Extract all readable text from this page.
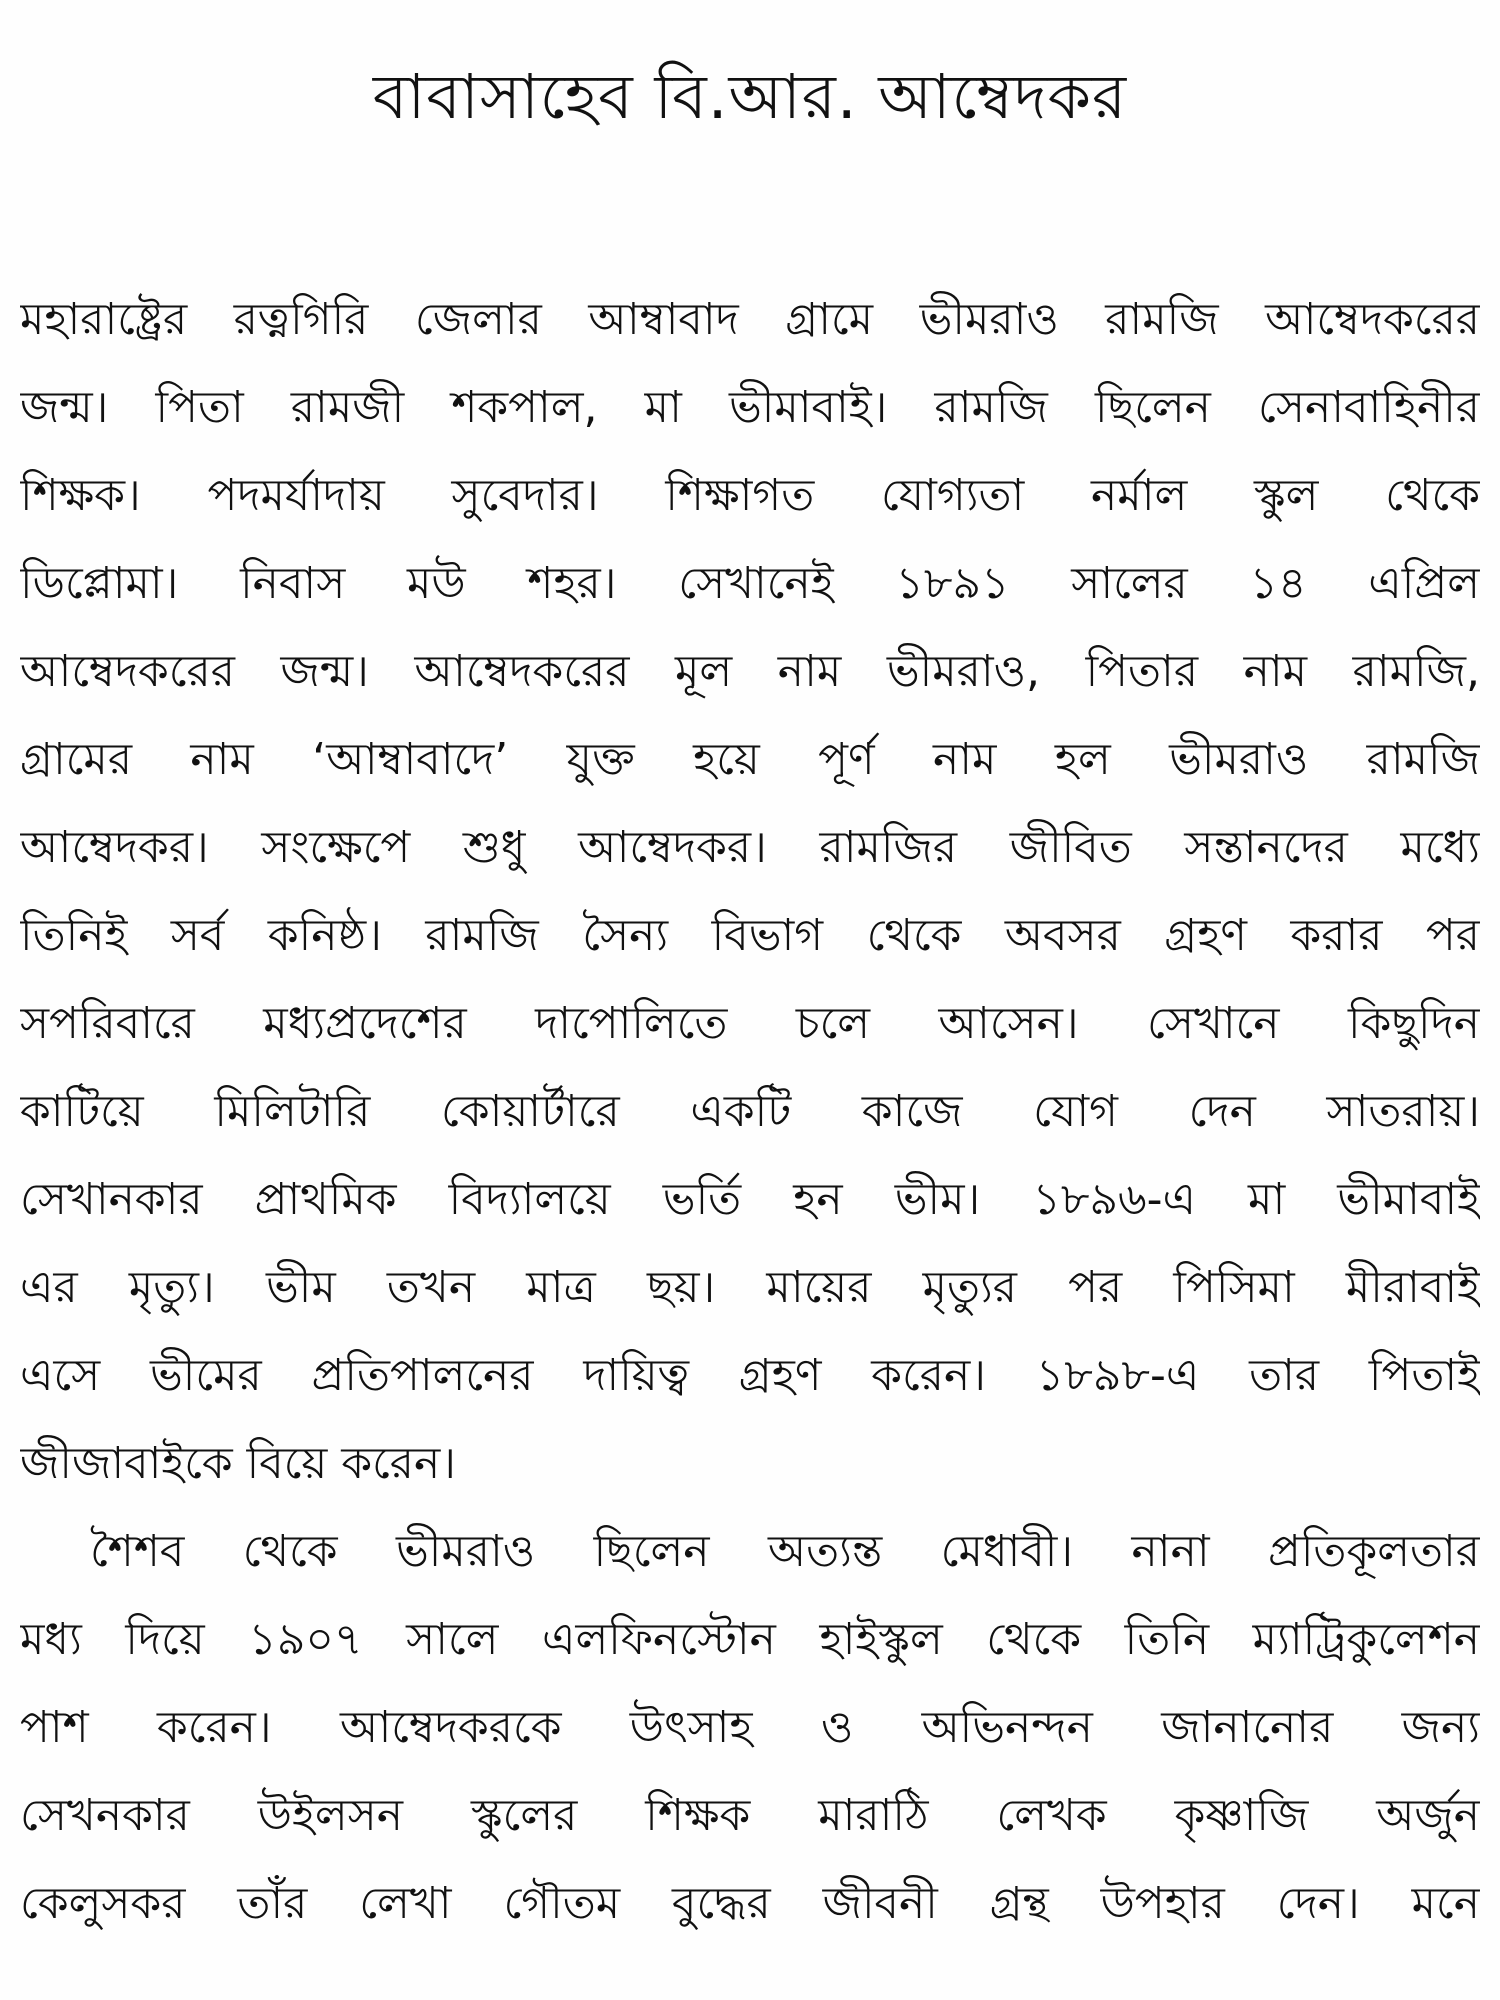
বাবাসাহেব বি.আর. আম্বেদকর
মহারাষ্ট্রের রত্নগিরি জেলার আম্বাবাদ গ্রামে ভীমরাও রামজি আম্বেদকরের
জন্ম। পিতা রামজী শকপাল, মা ভীমাবাই। রামজি ছিলেন সেনাবাহিনীর
শিক্ষক। পদমর্যাদায় সুবেদার। শিক্ষাগত যোগ্যতা নর্মাল স্কুল থেকে
ডিপ্লোমা। নিবাস মউ শহর। সেখানেই ১৮৯১ সালের ১৪ এপ্রিল
আম্বেদকরের জন্ম। আম্বেদকরের মূল নাম ভীমরাও, পিতার নাম রামজি,
গ্রামের নাম ‘আম্বাবাদে’ যুক্ত হয়ে পূর্ণ নাম হল ভীমরাও রামজি
আম্বেদকর। সংক্ষেপে শুধু আম্বেদকর। রামজির জীবিত সন্তানদের মধ্যে
তিনিই সর্ব কনিষ্ঠ। রামজি সৈন্য বিভাগ থেকে অবসর গ্রহণ করার পর
সপরিবারে মধ্যপ্রদেশের দাপোলিতে চলে আসেন। সেখানে কিছুদিন
কাটিয়ে মিলিটারি কোয়ার্টারে একটি কাজে যোগ দেন সাতরায়।
সেখানকার প্রাথমিক বিদ্যালয়ে ভর্তি হন ভীম। ১৮৯৬-এ মা ভীমাবাই
এর মৃত্যু। ভীম তখন মাত্র ছয়। মায়ের মৃত্যুর পর পিসিমা মীরাবাই
এসে ভীমের প্রতিপালনের দায়িত্ব গ্রহণ করেন। ১৮৯৮-এ তার পিতাই
জীজাবাইকে বিয়ে করেন।
শৈশব থেকে ভীমরাও ছিলেন অত্যন্ত মেধাবী। নানা প্রতিকূলতার
মধ্য দিয়ে ১৯০৭ সালে এলফিনস্টোন হাইস্কুল থেকে তিনি ম্যাট্রিকুলেশন
পাশ করেন। আম্বেদকরকে উৎসাহ ও অভিনন্দন জানানোর জন্য
সেখনকার উইলসন স্কুলের শিক্ষক মারাঠি লেখক কৃষ্ণাজি অর্জুন
কেলুসকর তাঁর লেখা গৌতম বুদ্ধের জীবনী গ্রন্থ উপহার দেন। মনে
